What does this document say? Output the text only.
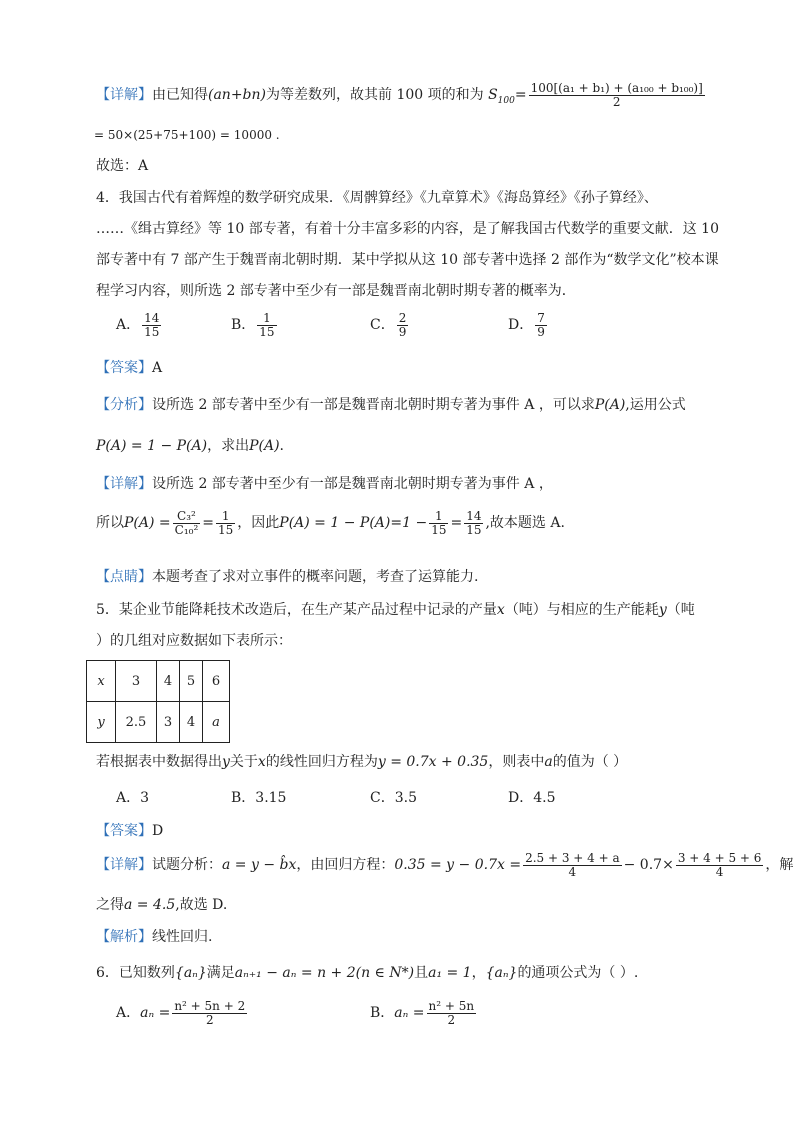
【详解】由已知得(an+bn)为等差数列，故其前 100 项的和为 $S_{100}= \frac{\text{100[(a₁ + b₁) + (a₁₀₀ + b₁₀₀)]}}{2}$
= 50×(25+75+100) = 10000 .
故选：A
4．我国古代有着辉煌的数学研究成果．《周髀算经》《九章算术》《海岛算经》《孙子算经》、
……《缉古算经》等 10 部专著，有着十分丰富多彩的内容，是了解我国古代数学的重要文献．这 10
部专著中有 7 部产生于魏晋南北朝时期．某中学拟从这 10 部专著中选择 2 部作为“数学文化”校本课
程学习内容，则所选 2 部专著中至少有一部是魏晋南北朝时期专著的概率为．
A． $\frac{14}{15}$	B． $\frac{1}{15}$	C． $\frac{2}{9}$	D． $\frac{7}{9}$
【答案】A
【分析】设所选 2 部专著中至少有一部是魏晋南北朝时期专著为事件 A ，可以求P(A),运用公式
P(A) = 1 − P(A)，求出P(A).
【详解】设所选 2 部专著中至少有一部是魏晋南北朝时期专著为事件 A ，
所以$P(A) = \frac{\text{C₃²}}{\text{C₁₀²}} = \frac{1}{15}$ ，因此$P(A) = 1 - P(A)=1 - \frac{1}{15} = \frac{14}{15}$ ,故本题选 A.
【点睛】本题考查了求对立事件的概率问题，考查了运算能力.
5．某企业节能降耗技术改造后，在生产某产品过程中记录的产量x（吨）与相应的生产能耗y（吨
）的几组对应数据如下表所示：
x	3	4	5	6
y	2.5	3	4	a
若根据表中数据得出y关于x的线性回归方程为y = 0.7x + 0.35，则表中a的值为（ ）
A．3	B．3.15	C．3.5	D．4.5
【答案】D
【详解】试题分析：a = y − b̂x，由回归方程：$0.35 = y - 0.7x = \frac{2.5 + 3 + 4 + a}{4} - 0.7\times \frac{3 + 4 + 5 + 6}{4}$ ，解
之得a = 4.5,故选 D.
【解析】线性回归.
6．已知数列{aₙ}满足aₙ₊₁ − aₙ = n + 2(n ∈ N*)且a₁ = 1，{aₙ}的通项公式为（ ）.
A．$a_n = \frac{\text{n² + 5n + 2}}{2}$	B．$a_n = \frac{\text{n² + 5n}}{2}$
